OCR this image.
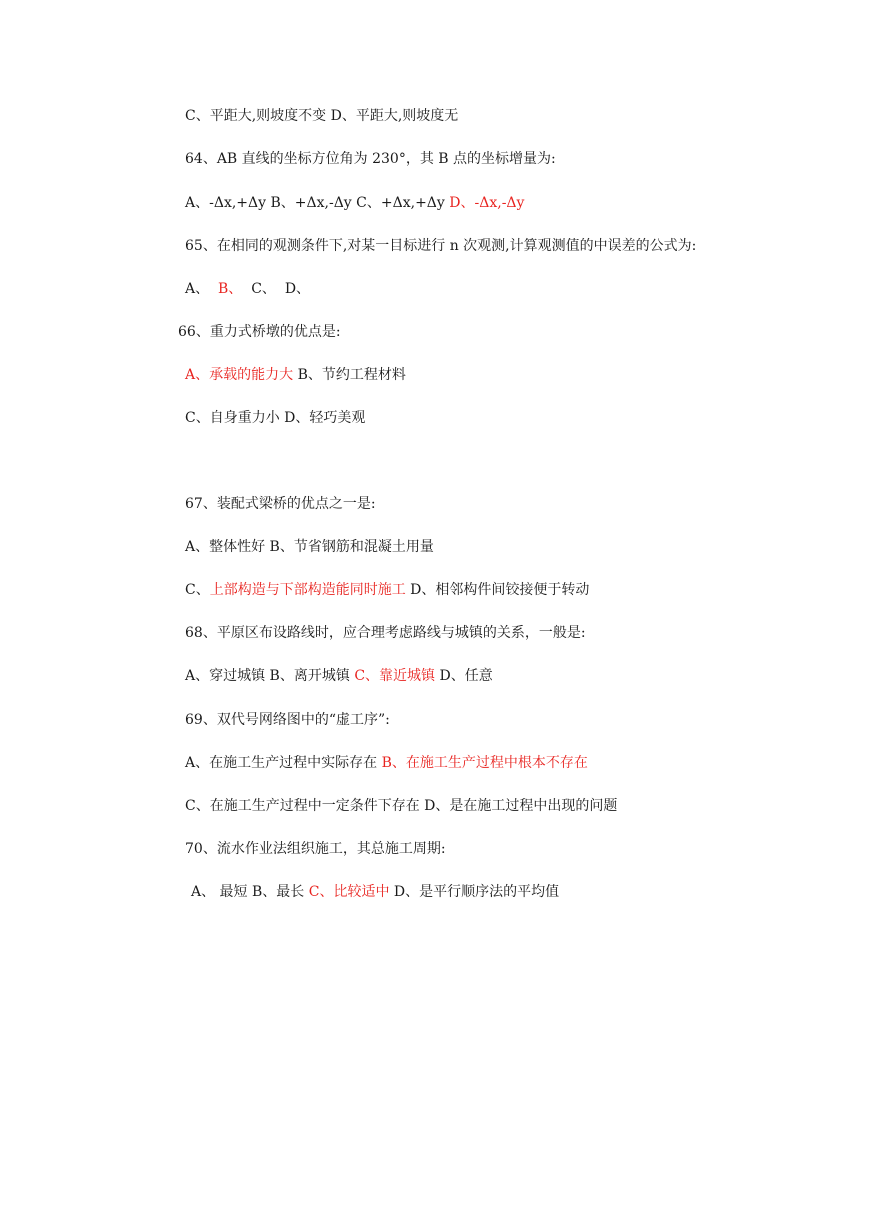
C、平距大,则坡度不变 D、平距大,则坡度无
64、AB 直线的坐标方位角为 230°，其 B 点的坐标增量为:
A、-Δx,+Δy B、+Δx,-Δy C、+Δx,+Δy D、-Δx,-Δy
65、在相同的观测条件下,对某一目标进行 n 次观测,计算观测值的中误差的公式为:
A、  B、  C、  D、
66、重力式桥墩的优点是:
A、承载的能力大 B、节约工程材料
C、自身重力小 D、轻巧美观
67、装配式梁桥的优点之一是:
A、整体性好 B、节省钢筋和混凝土用量
C、上部构造与下部构造能同时施工 D、相邻构件间铰接便于转动
68、平原区布设路线时，应合理考虑路线与城镇的关系，一般是:
A、穿过城镇 B、离开城镇 C、靠近城镇 D、任意
69、双代号网络图中的“虚工序”:
A、在施工生产过程中实际存在 B、在施工生产过程中根本不存在
C、在施工生产过程中一定条件下存在 D、是在施工过程中出现的问题
70、流水作业法组织施工，其总施工周期:
A、 最短 B、最长 C、比较适中 D、是平行顺序法的平均值
